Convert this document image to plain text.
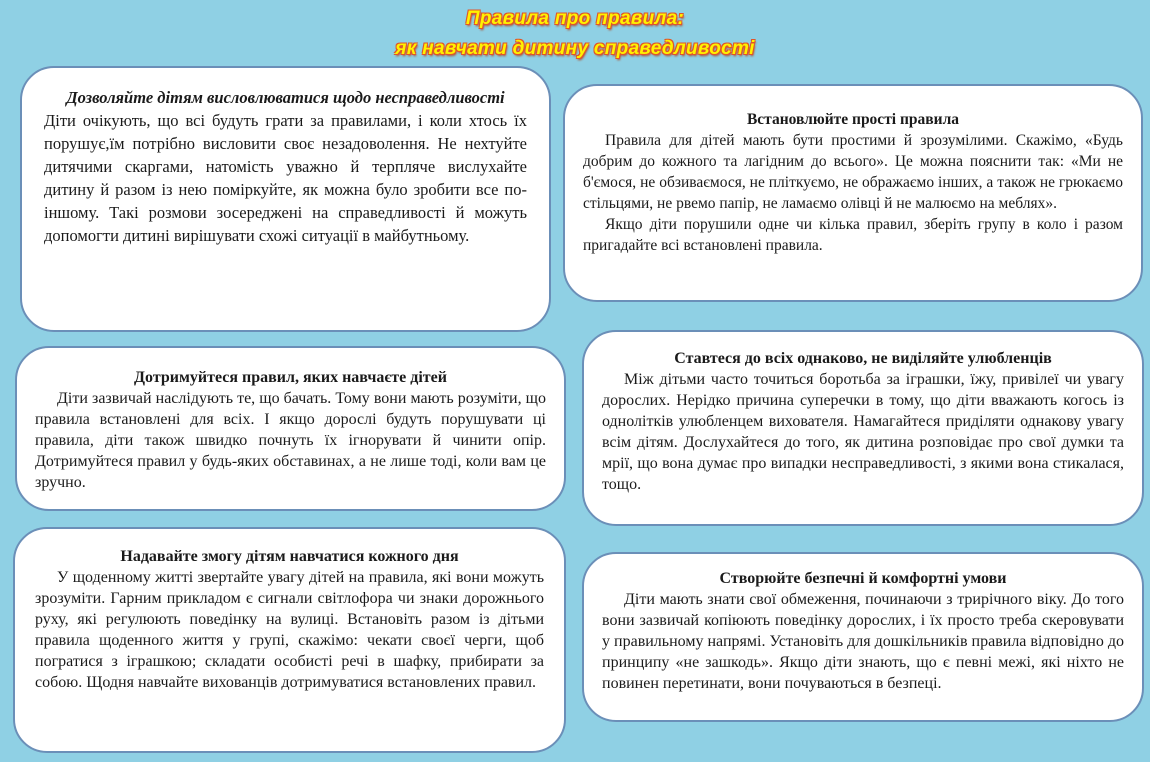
Правила про правила:
як навчати дитину справедливості
Дозволяйте дітям висловлюватися щодо несправедливості

Діти очікують, що всі будуть грати за правилами, і коли хтось їх порушує,їм потрібно висловити своє незадоволення. Не нехтуйте дитячими скаргами, натомість уважно й терпляче вислухайте дитину й разом із нею поміркуйте, як можна було зробити все по-іншому. Такі розмови зосереджені на справедливості й можуть допомогти дитині вирішувати схожі ситуації в майбутньому.

Встановлюйте прості правила

Правила для дітей мають бути простими й зрозумілими. Скажімо, «Будь добрим до кожного та лагідним до всього». Це можна пояснити так: «Ми не б'ємося, не обзиваємося, не пліткуємо, не ображаємо інших, а також не грюкаємо стільцями, не рвемо папір, не ламаємо олівці й не малюємо на меблях».

Якщо діти порушили одне чи кілька правил, зберіть групу в коло і разом пригадайте всі встановлені правила.

Дотримуйтеся правил, яких навчаєте дітей

Діти зазвичай наслідують те, що бачать. Тому вони мають розуміти, що правила встановлені для всіх. І якщо дорослі будуть порушувати ці правила, діти також швидко почнуть їх ігнорувати й чинити опір. Дотримуйтеся правил у будь-яких обставинах, а не лише тоді, коли вам це зручно.

Ставтеся до всіх однаково, не виділяйте улюбленців

Між дітьми часто точиться боротьба за іграшки, їжу, привілеї чи увагу дорослих. Нерідко причина суперечки в тому, що діти вважають когось із однолітків улюбленцем вихователя. Намагайтеся приділяти однакову увагу всім дітям. Дослухайтеся до того, як дитина розповідає про свої думки та мрії, що вона думає про випадки несправедливості, з якими вона стикалася, тощо.

Надавайте змогу дітям навчатися кожного дня

У щоденному житті звертайте увагу дітей на правила, які вони можуть зрозуміти. Гарним прикладом є сигнали світлофора чи знаки дорожнього руху, які регулюють поведінку на вулиці. Встановіть разом із дітьми правила щоденного життя у групі, скажімо: чекати своєї черги, щоб погратися з іграшкою; складати особисті речі в шафку, прибирати за собою. Щодня навчайте вихованців дотримуватися встановлених правил.

Створюйте безпечні й комфортні умови

Діти мають знати свої обмеження, починаючи з трирічного віку. До того вони зазвичай копіюють поведінку дорослих, і їх просто треба скеровувати у правильному напрямі. Установіть для дошкільників правила відповідно до принципу «не зашкодь». Якщо діти знають, що є певні межі, які ніхто не повинен перетинати, вони почуваються в безпеці.
